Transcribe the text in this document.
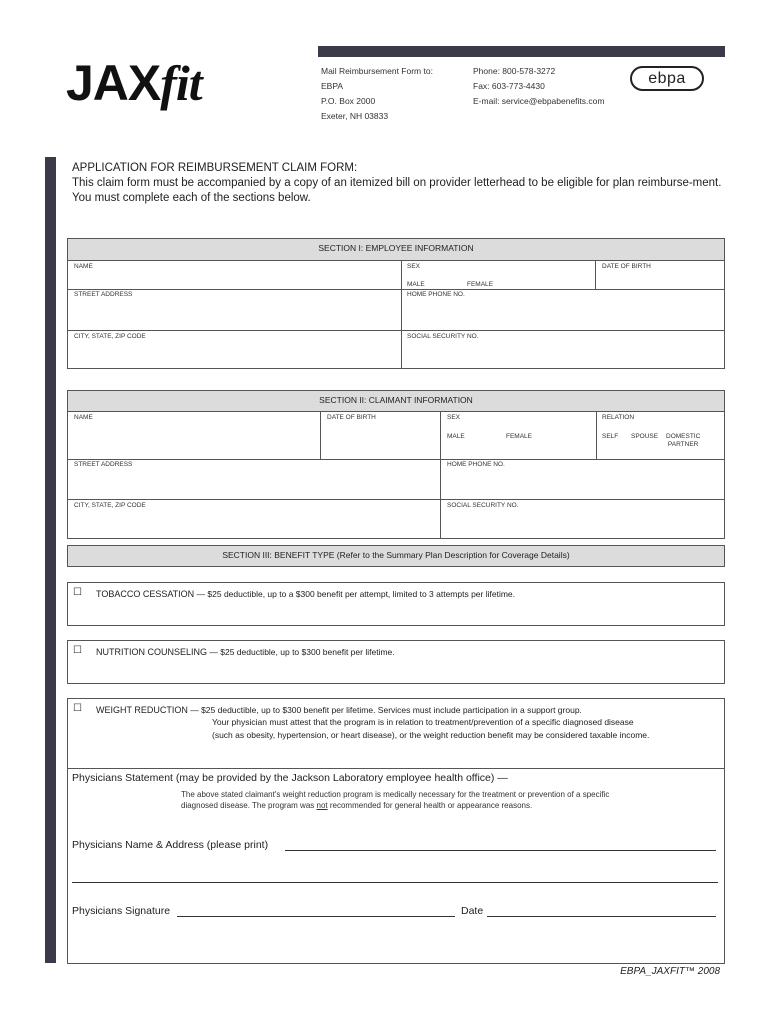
JAXfit	Mail Reimbursement Form to:
EBPA
P.O. Box 2000
Exeter, NH 03833
Phone: 800-578-3272
Fax: 603-773-4430
E-mail: service@ebpabenefits.com
ebpa
APPLICATION FOR REIMBURSEMENT CLAIM FORM:
This claim form must be accompanied by a copy of an itemized bill on provider letterhead to be eligible for plan reimburse-ment. You must complete each of the sections below.
SECTION I: EMPLOYEE INFORMATION
NAME	SEX	DATE OF BIRTH
MALE	FEMALE
STREET ADDRESS	HOME PHONE NO.
CITY, STATE, ZIP CODE	SOCIAL SECURITY NO.
SECTION II: CLAIMANT INFORMATION
NAME	DATE OF BIRTH	SEX	RELATION
MALE	FEMALE	SELF SPOUSE DOMESTIC
PARTNER
STREET ADDRESS	HOME PHONE NO.
CITY, STATE, ZIP CODE	SOCIAL SECURITY NO.
SECTION III: BENEFIT TYPE (Refer to the Summary Plan Description for Coverage Details)
☐ TOBACCO CESSATION — $25 deductible, up to a $300 benefit per attempt, limited to 3 attempts per lifetime.
☐ NUTRITION COUNSELING — $25 deductible, up to $300 benefit per lifetime.
☐ WEIGHT REDUCTION — $25 deductible, up to $300 benefit per lifetime. Services must include participation in a support group.
Your physician must attest that the program is in relation to treatment/prevention of a specific diagnosed disease
(such as obesity, hypertension, or heart disease), or the weight reduction benefit may be considered taxable income.
Physicians Statement (may be provided by the Jackson Laboratory employee health office) —
The above stated claimant's weight reduction program is medically necessary for the treatment or prevention of a specific
diagnosed disease. The program was not recommended for general health or appearance reasons.
Physicians Name & Address (please print)
Physicians Signature	Date
EBPA_JAXFIT™ 2008
